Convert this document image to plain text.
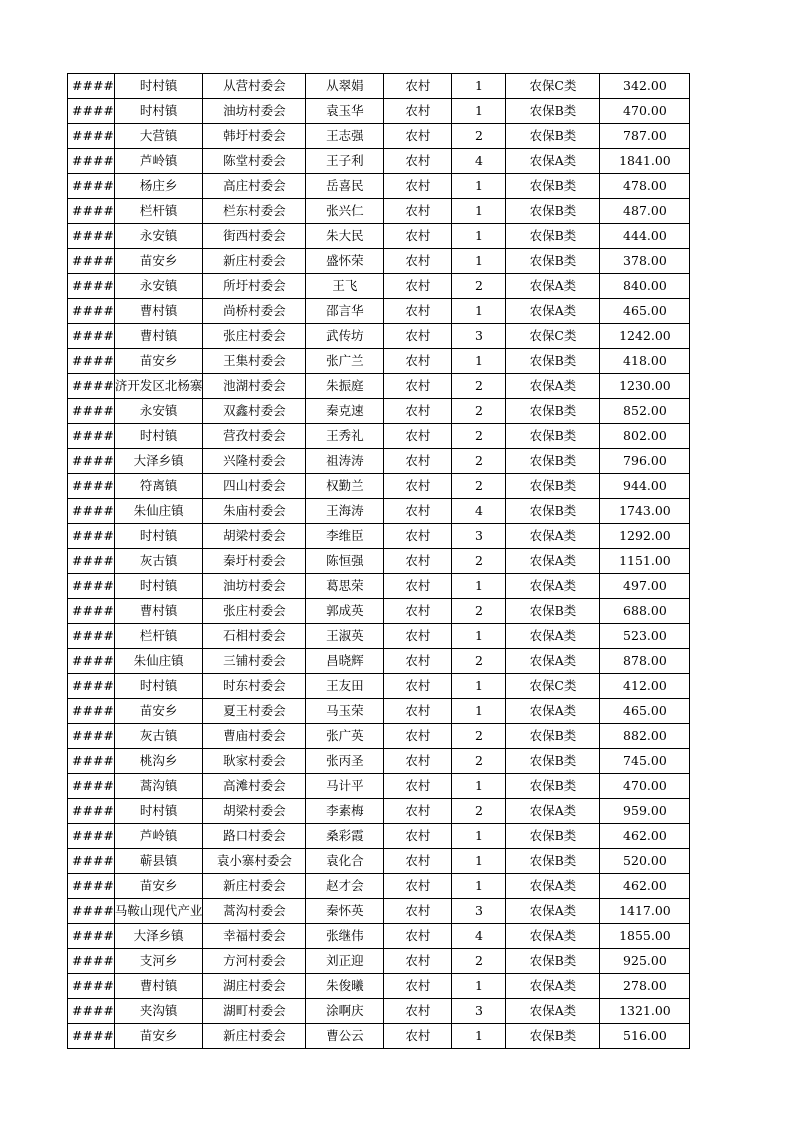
####	时村镇	从营村委会	从翠娟	农村	1	农保C类	342.00
####	时村镇	油坊村委会	袁玉华	农村	1	农保B类	470.00
####	大营镇	韩圩村委会	王志强	农村	2	农保B类	787.00
####	芦岭镇	陈堂村委会	王子利	农村	4	农保A类	1841.00
####	杨庄乡	高庄村委会	岳喜民	农村	1	农保B类	478.00
####	栏杆镇	栏东村委会	张兴仁	农村	1	农保B类	487.00
####	永安镇	街西村委会	朱大民	农村	1	农保B类	444.00
####	苗安乡	新庄村委会	盛怀荣	农村	1	农保B类	378.00
####	永安镇	所圩村委会	王飞	农村	2	农保A类	840.00
####	曹村镇	尚桥村委会	邵言华	农村	1	农保A类	465.00
####	曹村镇	张庄村委会	武传坊	农村	3	农保C类	1242.00
####	苗安乡	王集村委会	张广兰	农村	1	农保B类	418.00
####	济开发区北杨寨	池湖村委会	朱振庭	农村	2	农保A类	1230.00
####	永安镇	双鑫村委会	秦克速	农村	2	农保B类	852.00
####	时村镇	营孜村委会	王秀礼	农村	2	农保B类	802.00
####	大泽乡镇	兴隆村委会	祖涛涛	农村	2	农保B类	796.00
####	符离镇	四山村委会	权勤兰	农村	2	农保B类	944.00
####	朱仙庄镇	朱庙村委会	王海涛	农村	4	农保B类	1743.00
####	时村镇	胡梁村委会	李维臣	农村	3	农保A类	1292.00
####	灰古镇	秦圩村委会	陈恒强	农村	2	农保A类	1151.00
####	时村镇	油坊村委会	葛思荣	农村	1	农保A类	497.00
####	曹村镇	张庄村委会	郭成英	农村	2	农保B类	688.00
####	栏杆镇	石相村委会	王淑英	农村	1	农保A类	523.00
####	朱仙庄镇	三铺村委会	昌晓辉	农村	2	农保A类	878.00
####	时村镇	时东村委会	王友田	农村	1	农保C类	412.00
####	苗安乡	夏王村委会	马玉荣	农村	1	农保A类	465.00
####	灰古镇	曹庙村委会	张广英	农村	2	农保B类	882.00
####	桃沟乡	耿家村委会	张丙圣	农村	2	农保B类	745.00
####	蒿沟镇	高滩村委会	马计平	农村	1	农保B类	470.00
####	时村镇	胡梁村委会	李素梅	农村	2	农保A类	959.00
####	芦岭镇	路口村委会	桑彩霞	农村	1	农保B类	462.00
####	蕲县镇	袁小寨村委会	袁化合	农村	1	农保B类	520.00
####	苗安乡	新庄村委会	赵才会	农村	1	农保A类	462.00
####	马鞍山现代产业	蒿沟村委会	秦怀英	农村	3	农保A类	1417.00
####	大泽乡镇	幸福村委会	张继伟	农村	4	农保A类	1855.00
####	支河乡	方河村委会	刘正迎	农村	2	农保B类	925.00
####	曹村镇	湖庄村委会	朱俊曦	农村	1	农保A类	278.00
####	夹沟镇	湖町村委会	涂啊庆	农村	3	农保A类	1321.00
####	苗安乡	新庄村委会	曹公云	农村	1	农保B类	516.00
